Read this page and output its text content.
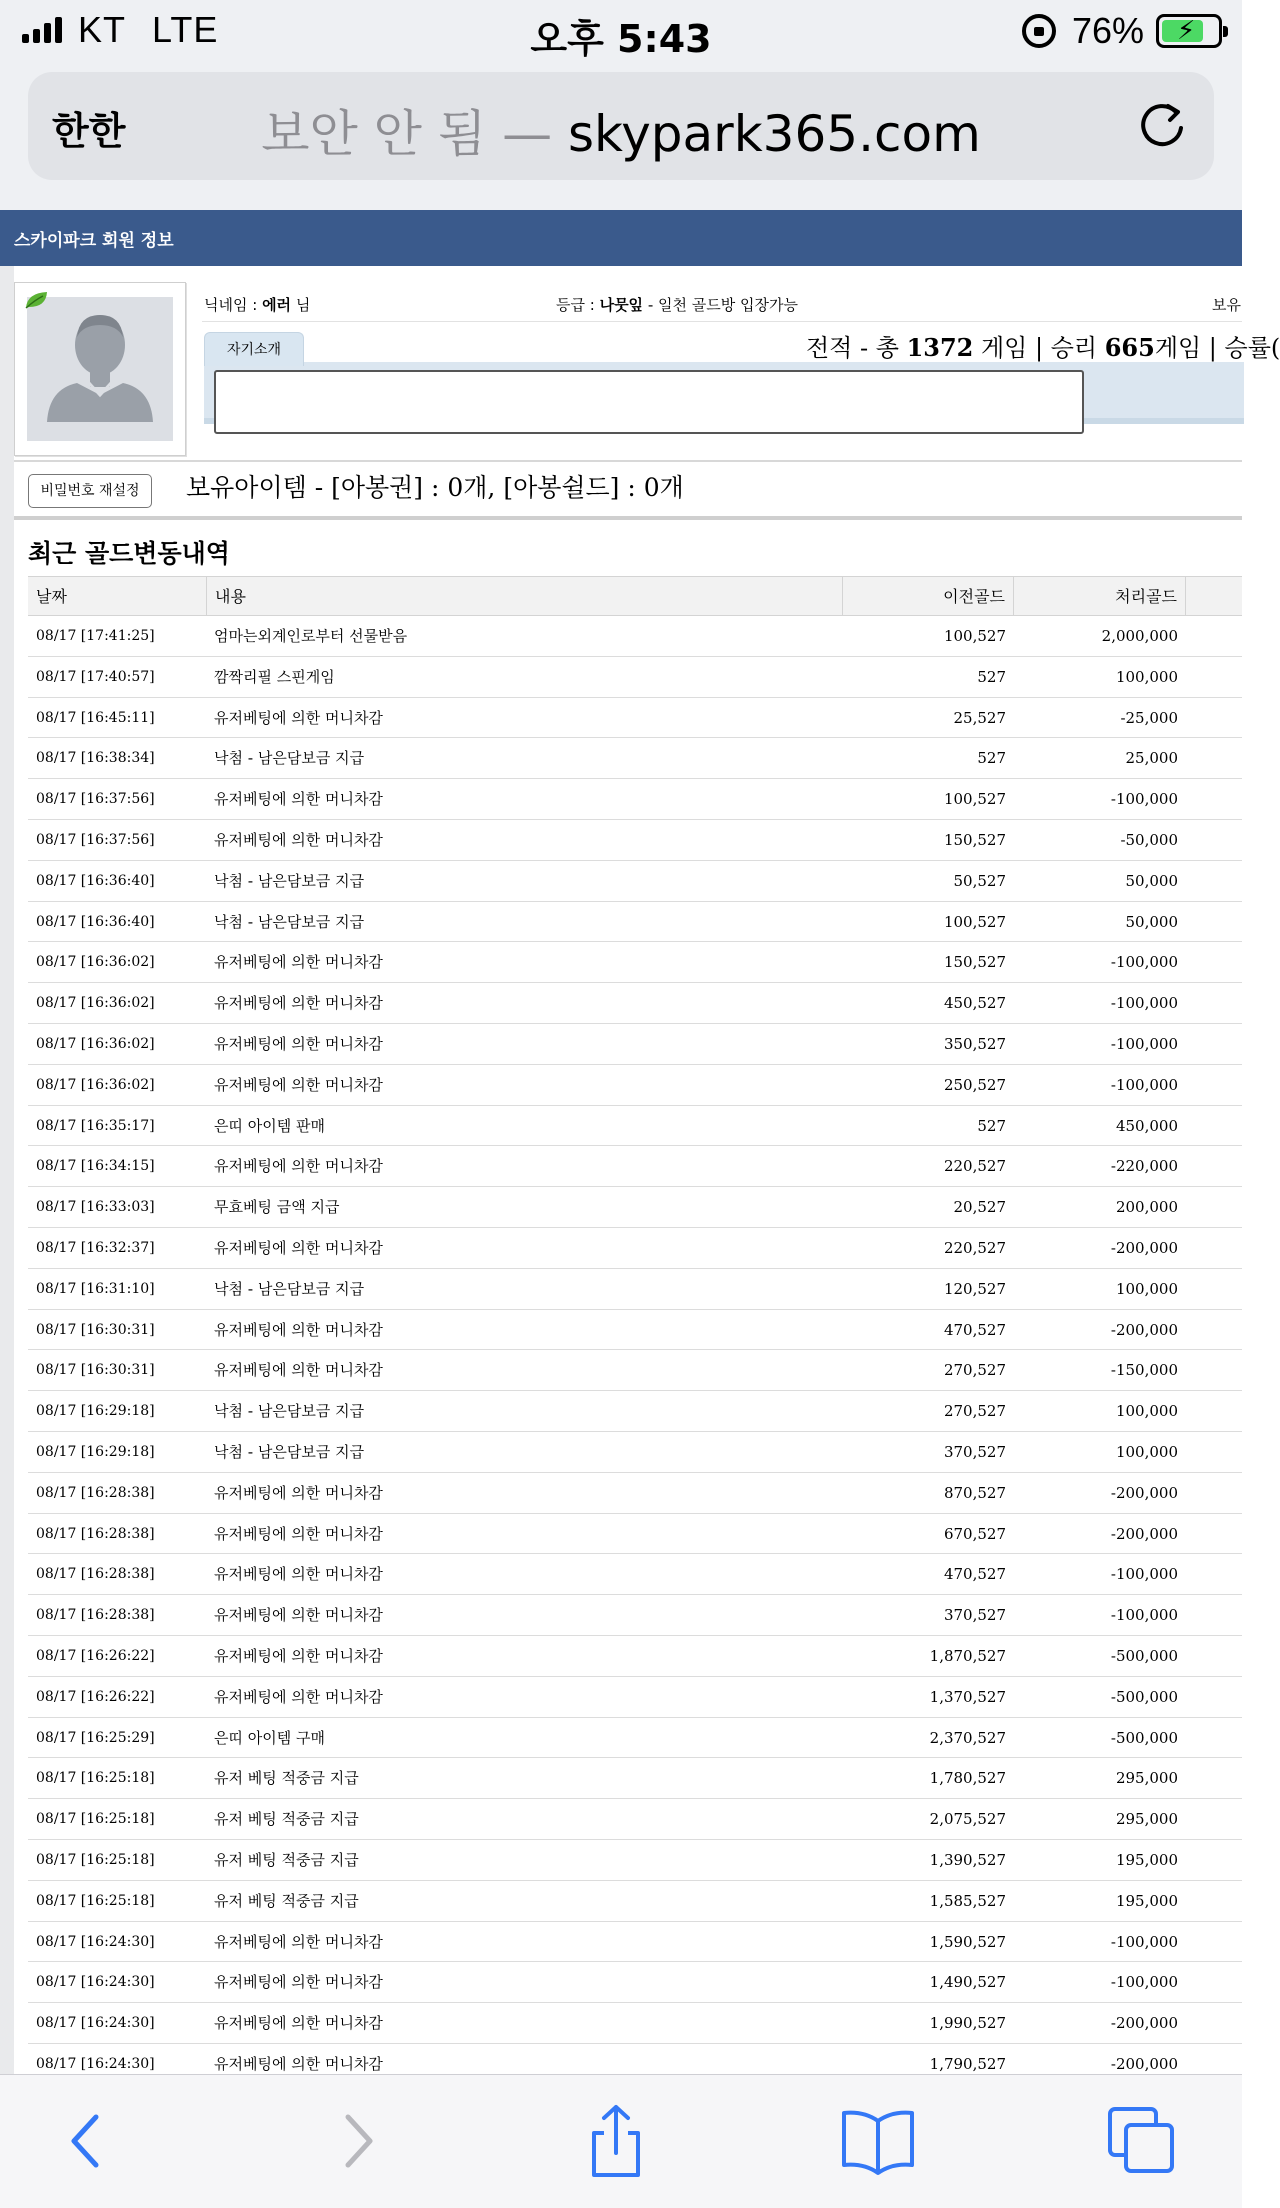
KT LTE	오후 5:43	76% ⚡
한한	보안 안 됨 — skypark365.com
스카이파크 회원 정보
닉네임 : 에러 님	등급 : 나뭇잎 - 일천 골드방 입장가능	보유
자기소개	전적 - 총 1372 게임 | 승리 665게임 | 승률(
비밀번호 재설정	보유아이템 - [아봉권] : 0개, [아봉쉴드] : 0개
최근 골드변동내역
날짜	내용	이전골드	처리골드
08/17 [17:41:25]	엄마는외계인로부터 선물받음	100,527	2,000,000
08/17 [17:40:57]	깜짝리필 스핀게임	527	100,000
08/17 [16:45:11]	유저베팅에 의한 머니차감	25,527	-25,000
08/17 [16:38:34]	낙첨 - 남은담보금 지급	527	25,000
08/17 [16:37:56]	유저베팅에 의한 머니차감	100,527	-100,000
08/17 [16:37:56]	유저베팅에 의한 머니차감	150,527	-50,000
08/17 [16:36:40]	낙첨 - 남은담보금 지급	50,527	50,000
08/17 [16:36:40]	낙첨 - 남은담보금 지급	100,527	50,000
08/17 [16:36:02]	유저베팅에 의한 머니차감	150,527	-100,000
08/17 [16:36:02]	유저베팅에 의한 머니차감	450,527	-100,000
08/17 [16:36:02]	유저베팅에 의한 머니차감	350,527	-100,000
08/17 [16:36:02]	유저베팅에 의한 머니차감	250,527	-100,000
08/17 [16:35:17]	은띠 아이템 판매	527	450,000
08/17 [16:34:15]	유저베팅에 의한 머니차감	220,527	-220,000
08/17 [16:33:03]	무효베팅 금액 지급	20,527	200,000
08/17 [16:32:37]	유저베팅에 의한 머니차감	220,527	-200,000
08/17 [16:31:10]	낙첨 - 남은담보금 지급	120,527	100,000
08/17 [16:30:31]	유저베팅에 의한 머니차감	470,527	-200,000
08/17 [16:30:31]	유저베팅에 의한 머니차감	270,527	-150,000
08/17 [16:29:18]	낙첨 - 남은담보금 지급	270,527	100,000
08/17 [16:29:18]	낙첨 - 남은담보금 지급	370,527	100,000
08/17 [16:28:38]	유저베팅에 의한 머니차감	870,527	-200,000
08/17 [16:28:38]	유저베팅에 의한 머니차감	670,527	-200,000
08/17 [16:28:38]	유저베팅에 의한 머니차감	470,527	-100,000
08/17 [16:28:38]	유저베팅에 의한 머니차감	370,527	-100,000
08/17 [16:26:22]	유저베팅에 의한 머니차감	1,870,527	-500,000
08/17 [16:26:22]	유저베팅에 의한 머니차감	1,370,527	-500,000
08/17 [16:25:29]	은띠 아이템 구매	2,370,527	-500,000
08/17 [16:25:18]	유저 베팅 적중금 지급	1,780,527	295,000
08/17 [16:25:18]	유저 베팅 적중금 지급	2,075,527	295,000
08/17 [16:25:18]	유저 베팅 적중금 지급	1,390,527	195,000
08/17 [16:25:18]	유저 베팅 적중금 지급	1,585,527	195,000
08/17 [16:24:30]	유저베팅에 의한 머니차감	1,590,527	-100,000
08/17 [16:24:30]	유저베팅에 의한 머니차감	1,490,527	-100,000
08/17 [16:24:30]	유저베팅에 의한 머니차감	1,990,527	-200,000
08/17 [16:24:30]	유저베팅에 의한 머니차감	1,790,527	-200,000
